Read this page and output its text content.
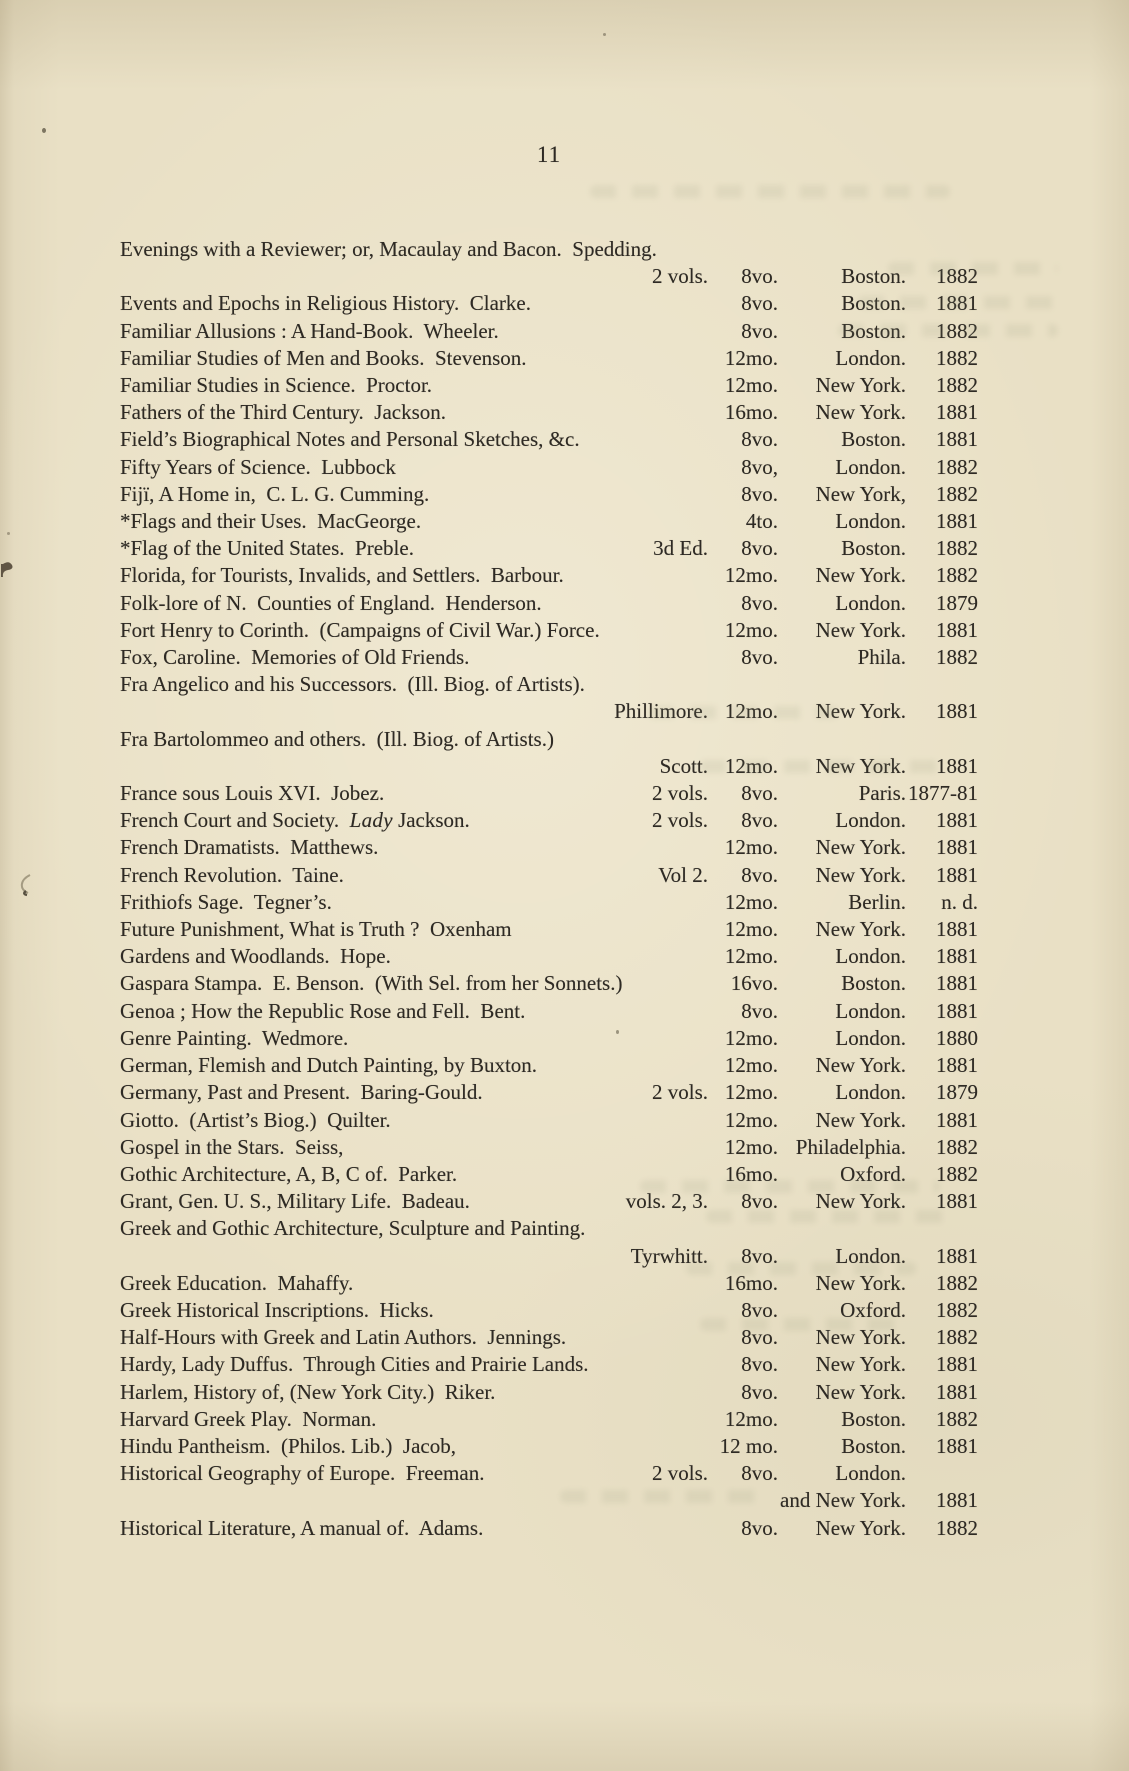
11
Evenings with a Reviewer; or, Macaulay and Bacon.  Spedding.				
	2 vols.	8vo.	Boston.	1882
Events and Epochs in Religious History.  Clarke.		8vo.	Boston.	1881
Familiar Allusions : A Hand-Book.  Wheeler.		8vo.	Boston.	1882
Familiar Studies of Men and Books.  Stevenson.		12mo.	London.	1882
Familiar Studies in Science.  Proctor.		12mo.	New York.	1882
Fathers of the Third Century.  Jackson.		16mo.	New York.	1881
Field’s Biographical Notes and Personal Sketches, &c.		8vo.	Boston.	1881
Fifty Years of Science.  Lubbock		8vo,	London.	1882
Fijï, A Home in,  C. L. G. Cumming.		8vo.	New York,	1882
*Flags and their Uses.  MacGeorge.		4to.	London.	1881
*Flag of the United States.  Preble.	3d Ed.	8vo.	Boston.	1882
Florida, for Tourists, Invalids, and Settlers.  Barbour.		12mo.	New York.	1882
Folk-lore of N.  Counties of England.  Henderson.		8vo.	London.	1879
Fort Henry to Corinth.  (Campaigns of Civil War.) Force.		12mo.	New York.	1881
Fox, Caroline.  Memories of Old Friends.		8vo.	Phila.	1882
Fra Angelico and his Successors.  (Ill. Biog. of Artists).				
	Phillimore.	12mo.	New York.	1881
Fra Bartolommeo and others.  (Ill. Biog. of Artists.)				
	Scott.	12mo.	New York.	1881
France sous Louis XVI.  Jobez.	2 vols.	8vo.	Paris.	1877-81
French Court and Society.  Lady Jackson.	2 vols.	8vo.	London.	1881
French Dramatists.  Matthews.		12mo.	New York.	1881
French Revolution.  Taine.	Vol 2.	8vo.	New York.	1881
Frithiofs Sage.  Tegner’s.		12mo.	Berlin.	n. d.
Future Punishment, What is Truth ?  Oxenham		12mo.	New York.	1881
Gardens and Woodlands.  Hope.		12mo.	London.	1881
Gaspara Stampa.  E. Benson.  (With Sel. from her Sonnets.)		16vo.	Boston.	1881
Genoa ; How the Republic Rose and Fell.  Bent.		8vo.	London.	1881
Genre Painting.  Wedmore.		12mo.	London.	1880
German, Flemish and Dutch Painting, by Buxton.		12mo.	New York.	1881
Germany, Past and Present.  Baring-Gould.	2 vols.	12mo.	London.	1879
Giotto.  (Artist’s Biog.)  Quilter.		12mo.	New York.	1881
Gospel in the Stars.  Seiss,		12mo.	Philadelphia.	1882
Gothic Architecture, A, B, C of.  Parker.		16mo.	Oxford.	1882
Grant, Gen. U. S., Military Life.  Badeau.	vols. 2, 3.	8vo.	New York.	1881
Greek and Gothic Architecture, Sculpture and Painting.				
	Tyrwhitt.	8vo.	London.	1881
Greek Education.  Mahaffy.		16mo.	New York.	1882
Greek Historical Inscriptions.  Hicks.		8vo.	Oxford.	1882
Half-Hours with Greek and Latin Authors.  Jennings.		8vo.	New York.	1882
Hardy, Lady Duffus.  Through Cities and Prairie Lands.		8vo.	New York.	1881
Harlem, History of, (New York City.)  Riker.		8vo.	New York.	1881
Harvard Greek Play.  Norman.		12mo.	Boston.	1882
Hindu Pantheism.  (Philos. Lib.)  Jacob,		12 mo.	Boston.	1881
Historical Geography of Europe.  Freeman.	2 vols.	8vo.	London.	
			and New York.	1881
Historical Literature, A manual of.  Adams.		8vo.	New York.	1882
